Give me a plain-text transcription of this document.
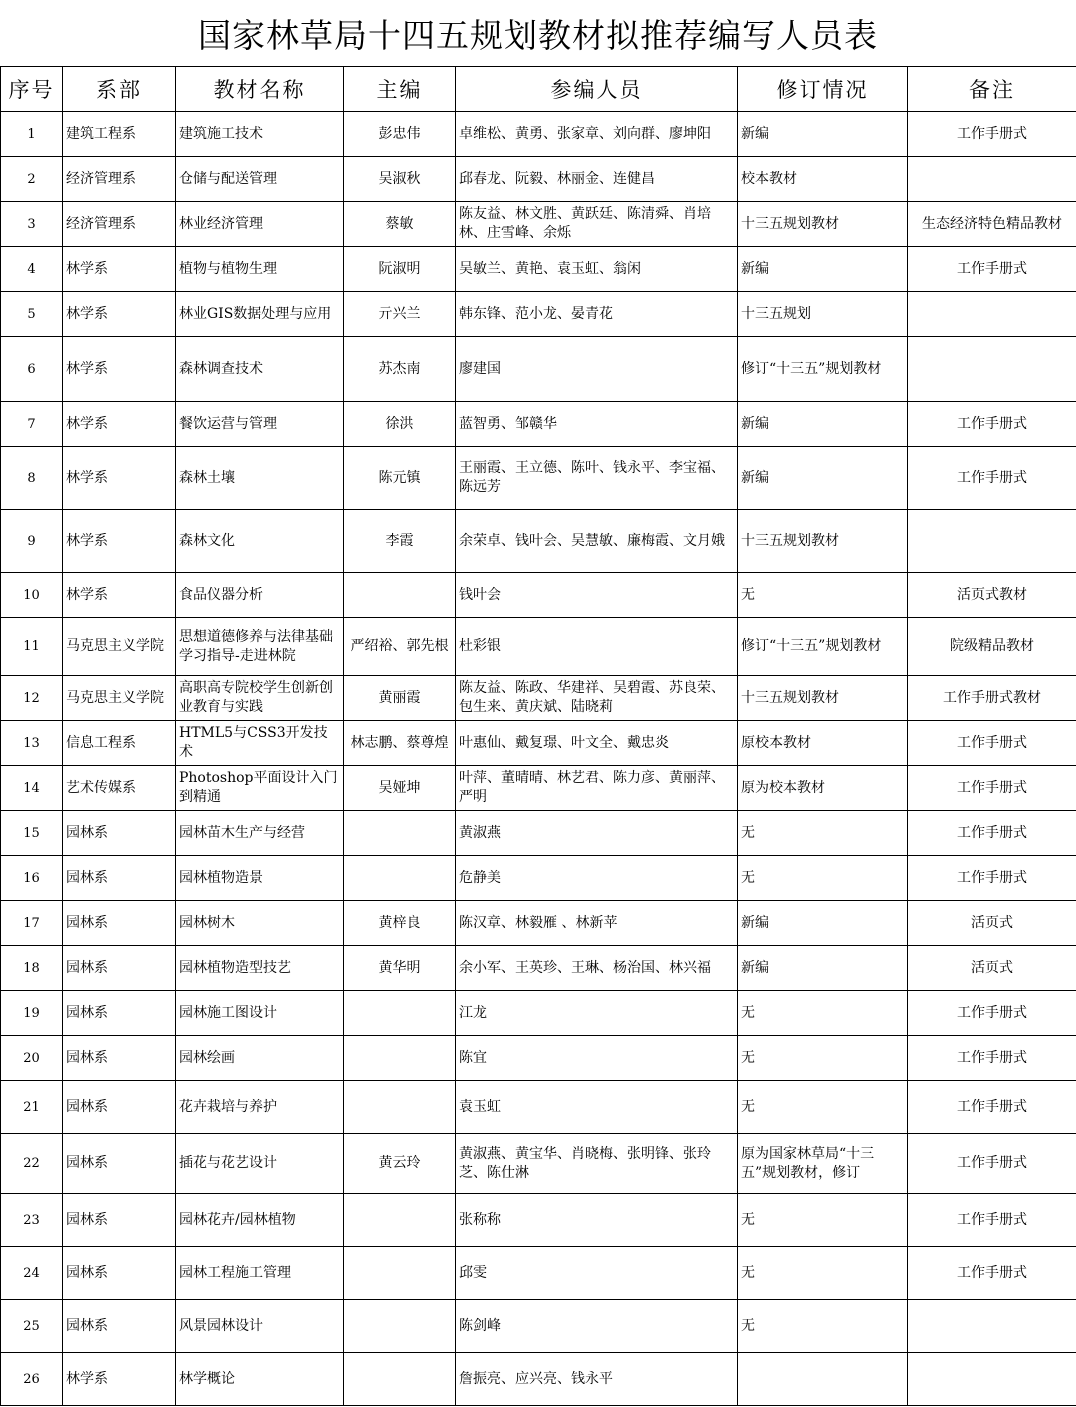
国家林草局十四五规划教材拟推荐编写人员表
序号	系部	教材名称	主编	参编人员	修订情况	备注
1	建筑工程系	建筑施工技术	彭忠伟	卓维松、黄勇、张家章、刘向群、廖坤阳	新编	工作手册式
2	经济管理系	仓储与配送管理	吴淑秋	邱春龙、阮毅、林丽金、连健昌	校本教材	
3	经济管理系	林业经济管理	蔡敏	陈友益、林文胜、黄跃廷、陈清舜、肖培林、庄雪峰、余烁	十三五规划教材	生态经济特色精品教材
4	林学系	植物与植物生理	阮淑明	吴敏兰、黄艳、袁玉虹、翁闲	新编	工作手册式
5	林学系	林业GIS数据处理与应用	亓兴兰	韩东锋、范小龙、晏青花	十三五规划	
6	林学系	森林调查技术	苏杰南	廖建国	修订“十三五”规划教材	
7	林学系	餐饮运营与管理	徐洪	蓝智勇、邹赣华	新编	工作手册式
8	林学系	森林土壤	陈元镇	王丽霞、王立德、陈叶、钱永平、李宝福、陈远芳	新编	工作手册式
9	林学系	森林文化	李霞	余荣卓、钱叶会、吴慧敏、廉梅霞、文月娥	十三五规划教材	
10	林学系	食品仪器分析		钱叶会	无	活页式教材
11	马克思主义学院	思想道德修养与法律基础学习指导-走进林院	严绍裕、郭先根	杜彩银	修订“十三五”规划教材	院级精品教材
12	马克思主义学院	高职高专院校学生创新创业教育与实践	黄丽霞	陈友益、陈政、华建祥、吴碧霞、苏良荣、包生来、黄庆斌、陆晓莉	十三五规划教材	工作手册式教材
13	信息工程系	HTML5与CSS3开发技术	林志鹏、蔡尊煌	叶惠仙、戴复璟、叶文全、戴忠炎	原校本教材	工作手册式
14	艺术传媒系	Photoshop平面设计入门到精通	吴娅坤	叶萍、董晴晴、林艺君、陈力彦、黄丽萍、严明	原为校本教材	工作手册式
15	园林系	园林苗木生产与经营		黄淑燕	无	工作手册式
16	园林系	园林植物造景		危静美	无	工作手册式
17	园林系	园林树木	黄梓良	陈汉章、林毅雁 、林新苹	新编	活页式
18	园林系	园林植物造型技艺	黄华明	余小军、王英珍、王琳、杨治国、林兴福	新编	活页式
19	园林系	园林施工图设计		江龙	无	工作手册式
20	园林系	园林绘画		陈宜	无	工作手册式
21	园林系	花卉栽培与养护		袁玉虹	无	工作手册式
22	园林系	插花与花艺设计	黄云玲	黄淑燕、黄宝华、肖晓梅、张明锋、张玲芝、陈仕淋	原为国家林草局“十三五”规划教材，修订	工作手册式
23	园林系	园林花卉/园林植物		张称称	无	工作手册式
24	园林系	园林工程施工管理		邱雯	无	工作手册式
25	园林系	风景园林设计		陈剑峰	无	
26	林学系	林学概论		詹振亮、应兴亮、钱永平		
